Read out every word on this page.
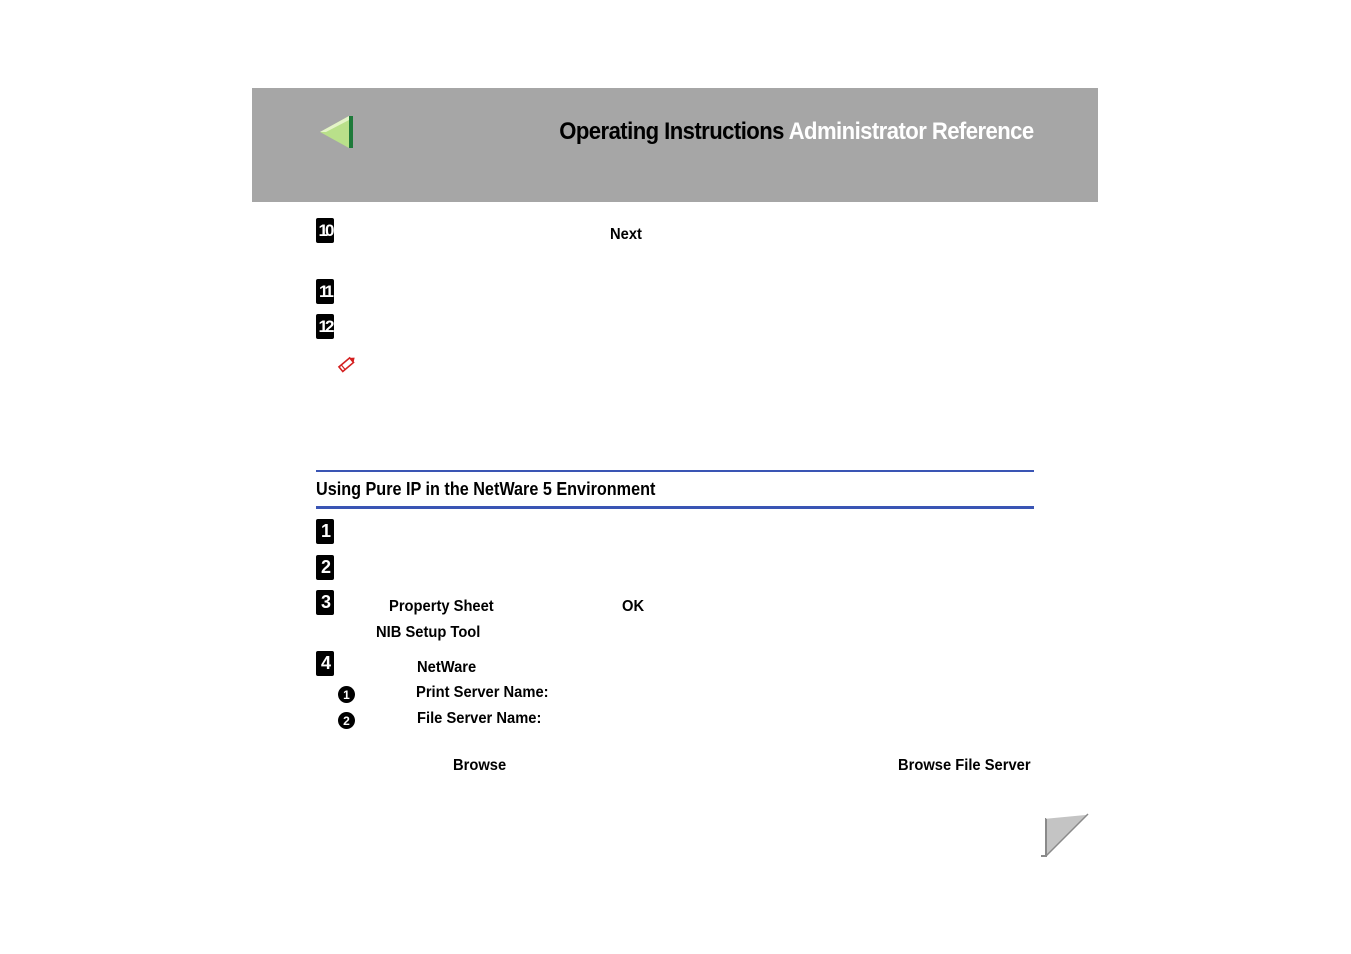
Operating Instructions Administrator Reference
10	Next
11
12
Using Pure IP in the NetWare 5 Environment
1
2
3	Property Sheet	OK
NIB Setup Tool
4	NetWare
1	Print Server Name:
2	File Server Name:
Browse	Browse File Server
